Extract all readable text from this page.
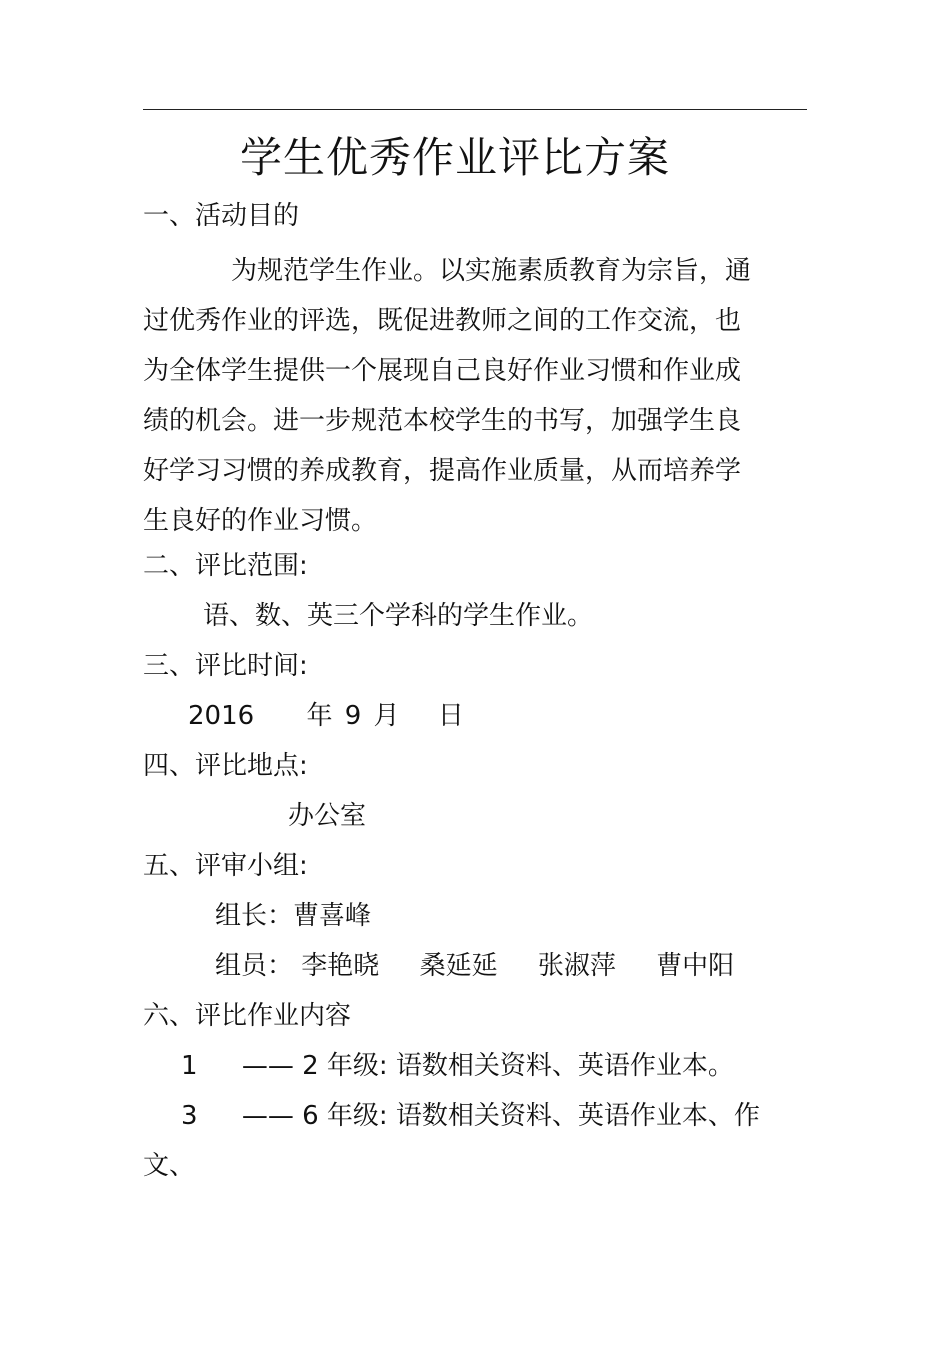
学生优秀作业评比方案
一、活动目的
为规范学生作业。以实施素质教育为宗旨，通
过优秀作业的评选，既促进教师之间的工作交流，也
为全体学生提供一个展现自己良好作业习惯和作业成
绩的机会。进一步规范本校学生的书写，加强学生良
好学习习惯的养成教育，提高作业质量，从而培养学
生良好的作业习惯。
二、评比范围:
语、数、英三个学科的学生作业。
三、评比时间:
2016 年 9 月 日
四、评比地点:
办公室
五、评审小组:
组长：曹喜峰
组员： 李艳晓 桑延延 张淑萍 曹中阳
六、评比作业内容
1 —— 2 年级: 语数相关资料、英语作业本。
3 —— 6 年级: 语数相关资料、英语作业本、作
文、
